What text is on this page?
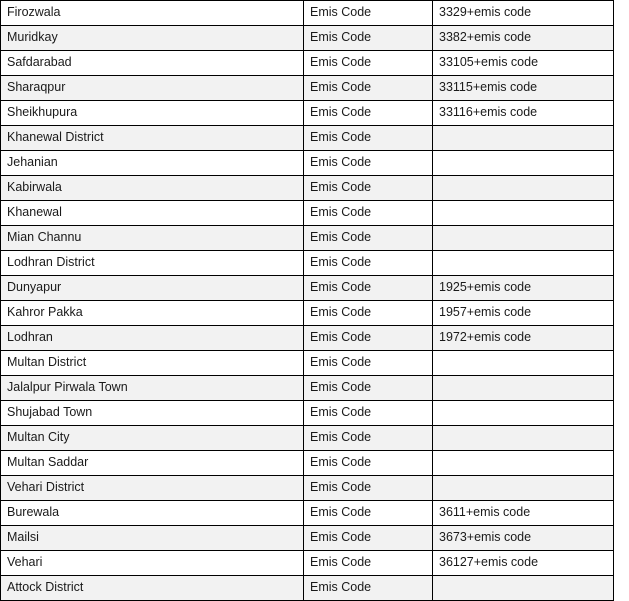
Firozwala	Emis Code	3329+emis code
Muridkay	Emis Code	3382+emis code
Safdarabad	Emis Code	33105+emis code
Sharaqpur	Emis Code	33115+emis code
Sheikhupura	Emis Code	33116+emis code
Khanewal District	Emis Code	
Jehanian	Emis Code	
Kabirwala	Emis Code	
Khanewal	Emis Code	
Mian Channu	Emis Code	
Lodhran District	Emis Code	
Dunyapur	Emis Code	1925+emis code
Kahror Pakka	Emis Code	1957+emis code
Lodhran	Emis Code	1972+emis code
Multan District	Emis Code	
Jalalpur Pirwala Town	Emis Code	
Shujabad Town	Emis Code	
Multan City	Emis Code	
Multan Saddar	Emis Code	
Vehari District	Emis Code	
Burewala	Emis Code	3611+emis code
Mailsi	Emis Code	3673+emis code
Vehari	Emis Code	36127+emis code
Attock District	Emis Code	
